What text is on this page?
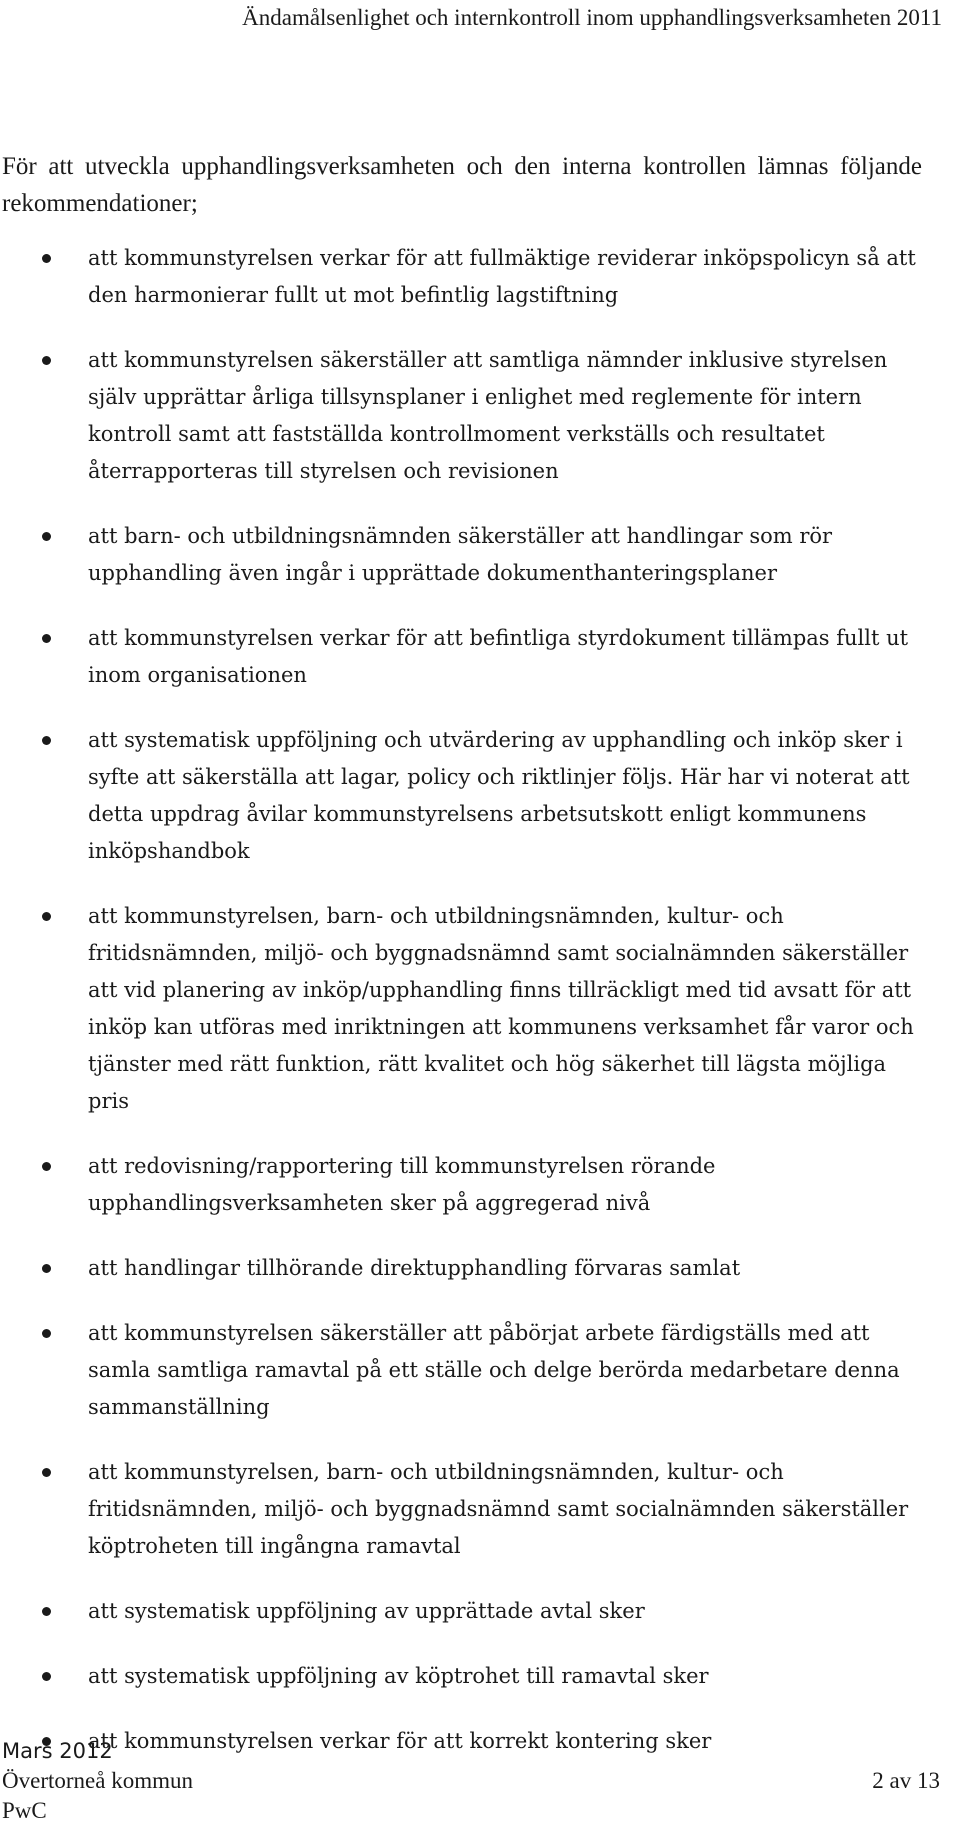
Ändamålsenlighet och internkontroll inom upphandlingsverksamheten 2011

För att utveckla upphandlingsverksamheten och den interna kontrollen lämnas följande rekommendationer;

att kommunstyrelsen verkar för att fullmäktige reviderar inköpspolicyn så att den harmonierar fullt ut mot befintlig lagstiftning
att kommunstyrelsen säkerställer att samtliga nämnder inklusive styrelsen själv upprättar årliga tillsynsplaner i enlighet med reglemente för intern kontroll samt att fastställda kontrollmoment verkställs och resultatet återrapporteras till styrelsen och revisionen
att barn- och utbildningsnämnden säkerställer att handlingar som rör upphandling även ingår i upprättade dokumenthanteringsplaner
att kommunstyrelsen verkar för att befintliga styrdokument tillämpas fullt ut inom organisationen
att systematisk uppföljning och utvärdering av upphandling och inköp sker i syfte att säkerställa att lagar, policy och riktlinjer följs. Här har vi noterat att detta uppdrag åvilar kommunstyrelsens arbetsutskott enligt kommunens inköpshandbok
att kommunstyrelsen, barn- och utbildningsnämnden, kultur- och fritidsnämnden, miljö- och byggnadsnämnd samt socialnämnden säkerställer att vid planering av inköp/upphandling finns tillräckligt med tid avsatt för att inköp kan utföras med inriktningen att kommunens verksamhet får varor och tjänster med rätt funktion, rätt kvalitet och hög säkerhet till lägsta möjliga pris
att redovisning/rapportering till kommunstyrelsen rörande upphandlingsverksamheten sker på aggregerad nivå
att handlingar tillhörande direktupphandling förvaras samlat
att kommunstyrelsen säkerställer att påbörjat arbete färdigställs med att samla samtliga ramavtal på ett ställe och delge berörda medarbetare denna sammanställning
att kommunstyrelsen, barn- och utbildningsnämnden, kultur- och fritidsnämnden, miljö- och byggnadsnämnd samt socialnämnden säkerställer köptroheten till ingångna ramavtal
att systematisk uppföljning av upprättade avtal sker
att systematisk uppföljning av köptrohet till ramavtal sker
att kommunstyrelsen verkar för att korrekt kontering sker
Mars 2012
Övertorneå kommun	2 av 13
PwC
